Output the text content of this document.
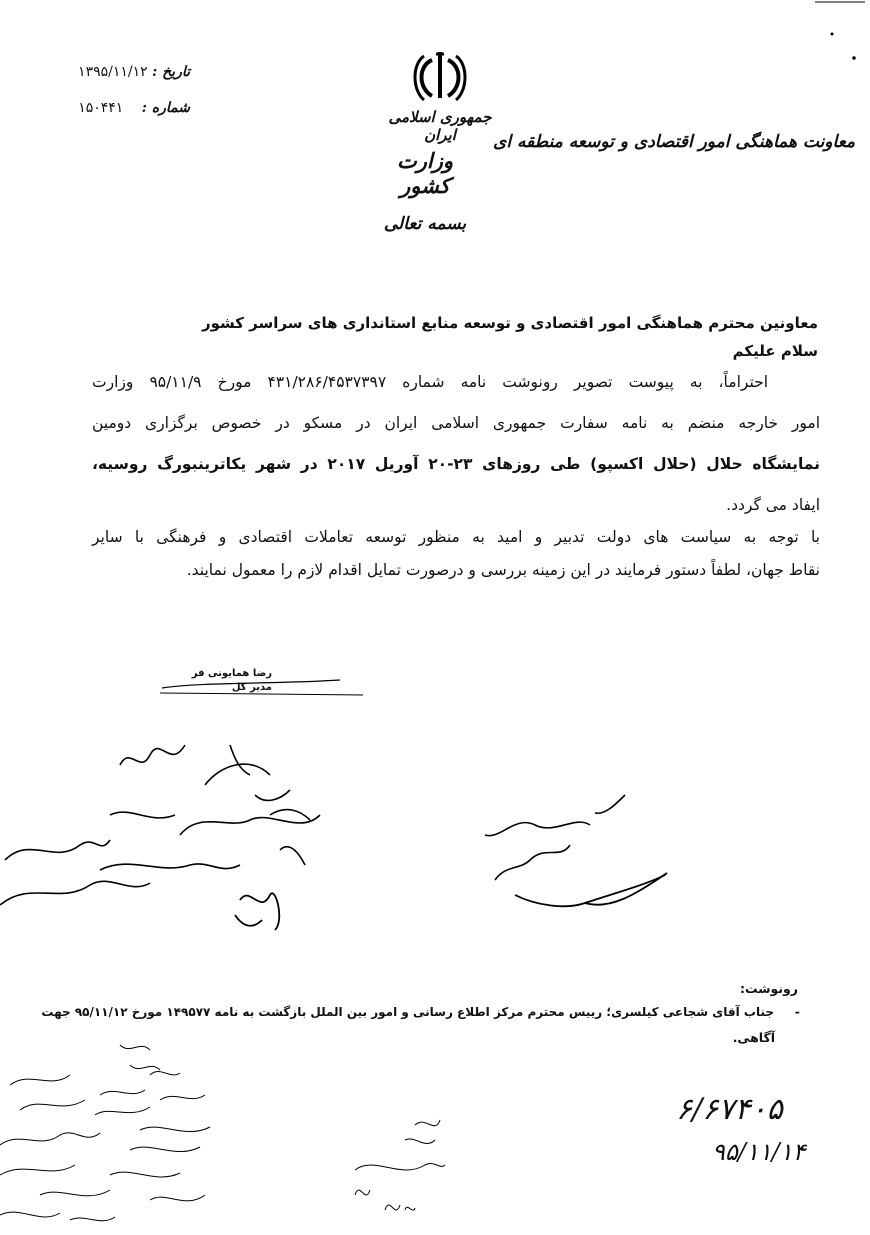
تاریخ : ۱۳۹۵/۱۱/۱۲
شماره : ۱۵۰۴۴۱	جمهوری اسلامی ایران
وزارت کشور
معاونت هماهنگی امور اقتصادی و توسعه منطقه ای
بسمه تعالی
معاونین محترم هماهنگی امور اقتصادی و توسعه منابع استانداری های سراسر کشور
سلام علیکم
احتراماً، به پیوست تصویر رونوشت نامه شماره ۴۳۱/۲۸۶/۴۵۳۷۳۹۷ مورخ ۹۵/۱۱/۹ وزارت
امور خارجه منضم به نامه سفارت جمهوری اسلامی ایران در مسکو در خصوص برگزاری دومین
نمایشگاه حلال (حلال اکسپو) طی روزهای ۲۳-۲۰ آوریل ۲۰۱۷ در شهر یکاترینبورگ روسیه،
ایفاد می گردد.
با توجه به سیاست های دولت تدبیر و امید به منظور توسعه تعاملات اقتصادی و فرهنگی با سایر
نقاط جهان، لطفاً دستور فرمایند در این زمینه بررسی و درصورت تمایل اقدام لازم را معمول نمایند.
رضا همایونی فر
مدیر کل
رونوشت:
-
جناب آقای شجاعی کیلسری؛ رییس محترم مرکز اطلاع رسانی و امور بین الملل بازگشت به نامه ۱۴۹۵۷۷ مورخ ۹۵/۱۱/۱۲ جهت
آگاهی.
۶/۶۷۴۰۵
۹۵/۱۱/۱۴
